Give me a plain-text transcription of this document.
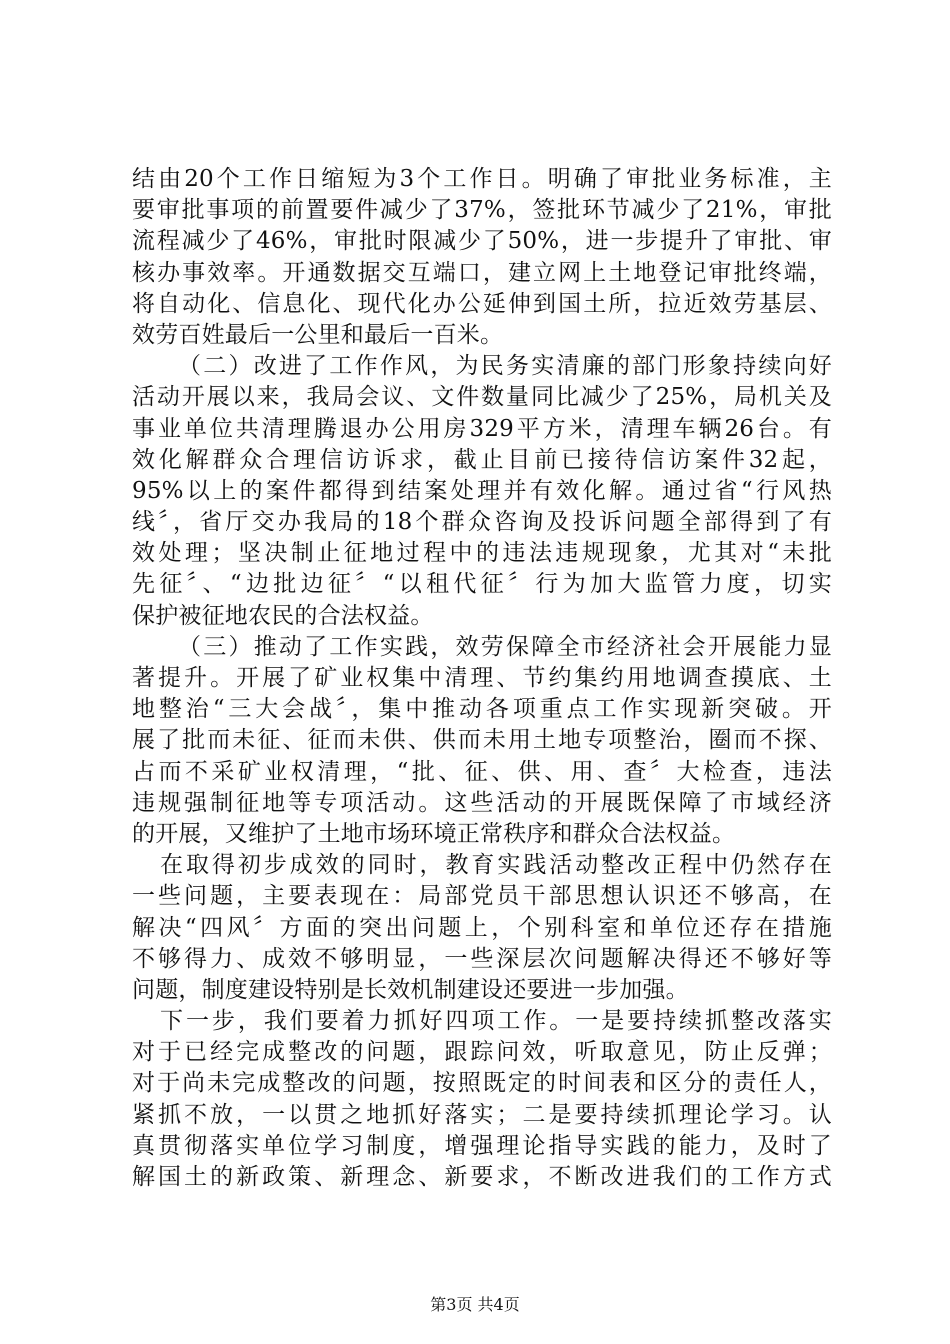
结由20个工作日缩短为3个工作日。明确了审批业务标准，主
要审批事项的前置要件减少了37%，签批环节减少了21%，审批
流程减少了46%，审批时限减少了50%，进一步提升了审批、审
核办事效率。开通数据交互端口，建立网上土地登记审批终端，
将自动化、信息化、现代化办公延伸到国土所，拉近效劳基层、
效劳百姓最后一公里和最后一百米。
（二）改进了工作作风，为民务实清廉的部门形象持续向好
活动开展以来，我局会议、文件数量同比减少了25%，局机关及
事业单位共清理腾退办公用房329平方米，清理车辆26台。有
效化解群众合理信访诉求，截止目前已接待信访案件32起，
95%以上的案件都得到结案处理并有效化解。通过省“行风热
线〞，省厅交办我局的18个群众咨询及投诉问题全部得到了有
效处理；坚决制止征地过程中的违法违规现象，尤其对“未批
先征〞、“边批边征〞“以租代征〞行为加大监管力度，切实
保护被征地农民的合法权益。
（三）推动了工作实践，效劳保障全市经济社会开展能力显
著提升。开展了矿业权集中清理、节约集约用地调查摸底、土
地整治“三大会战〞，集中推动各项重点工作实现新突破。开
展了批而未征、征而未供、供而未用土地专项整治，圈而不探、
占而不采矿业权清理，“批、征、供、用、查〞大检查，违法
违规强制征地等专项活动。这些活动的开展既保障了市域经济
的开展，又维护了土地市场环境正常秩序和群众合法权益。
在取得初步成效的同时，教育实践活动整改正程中仍然存在
一些问题，主要表现在：局部党员干部思想认识还不够高，在
解决“四风〞方面的突出问题上，个别科室和单位还存在措施
不够得力、成效不够明显，一些深层次问题解决得还不够好等
问题，制度建设特别是长效机制建设还要进一步加强。
下一步，我们要着力抓好四项工作。一是要持续抓整改落实
对于已经完成整改的问题，跟踪问效，听取意见，防止反弹；
对于尚未完成整改的问题，按照既定的时间表和区分的责任人，
紧抓不放，一以贯之地抓好落实；二是要持续抓理论学习。认
真贯彻落实单位学习制度，增强理论指导实践的能力，及时了
解国土的新政策、新理念、新要求，不断改进我们的工作方式
第3页 共4页
